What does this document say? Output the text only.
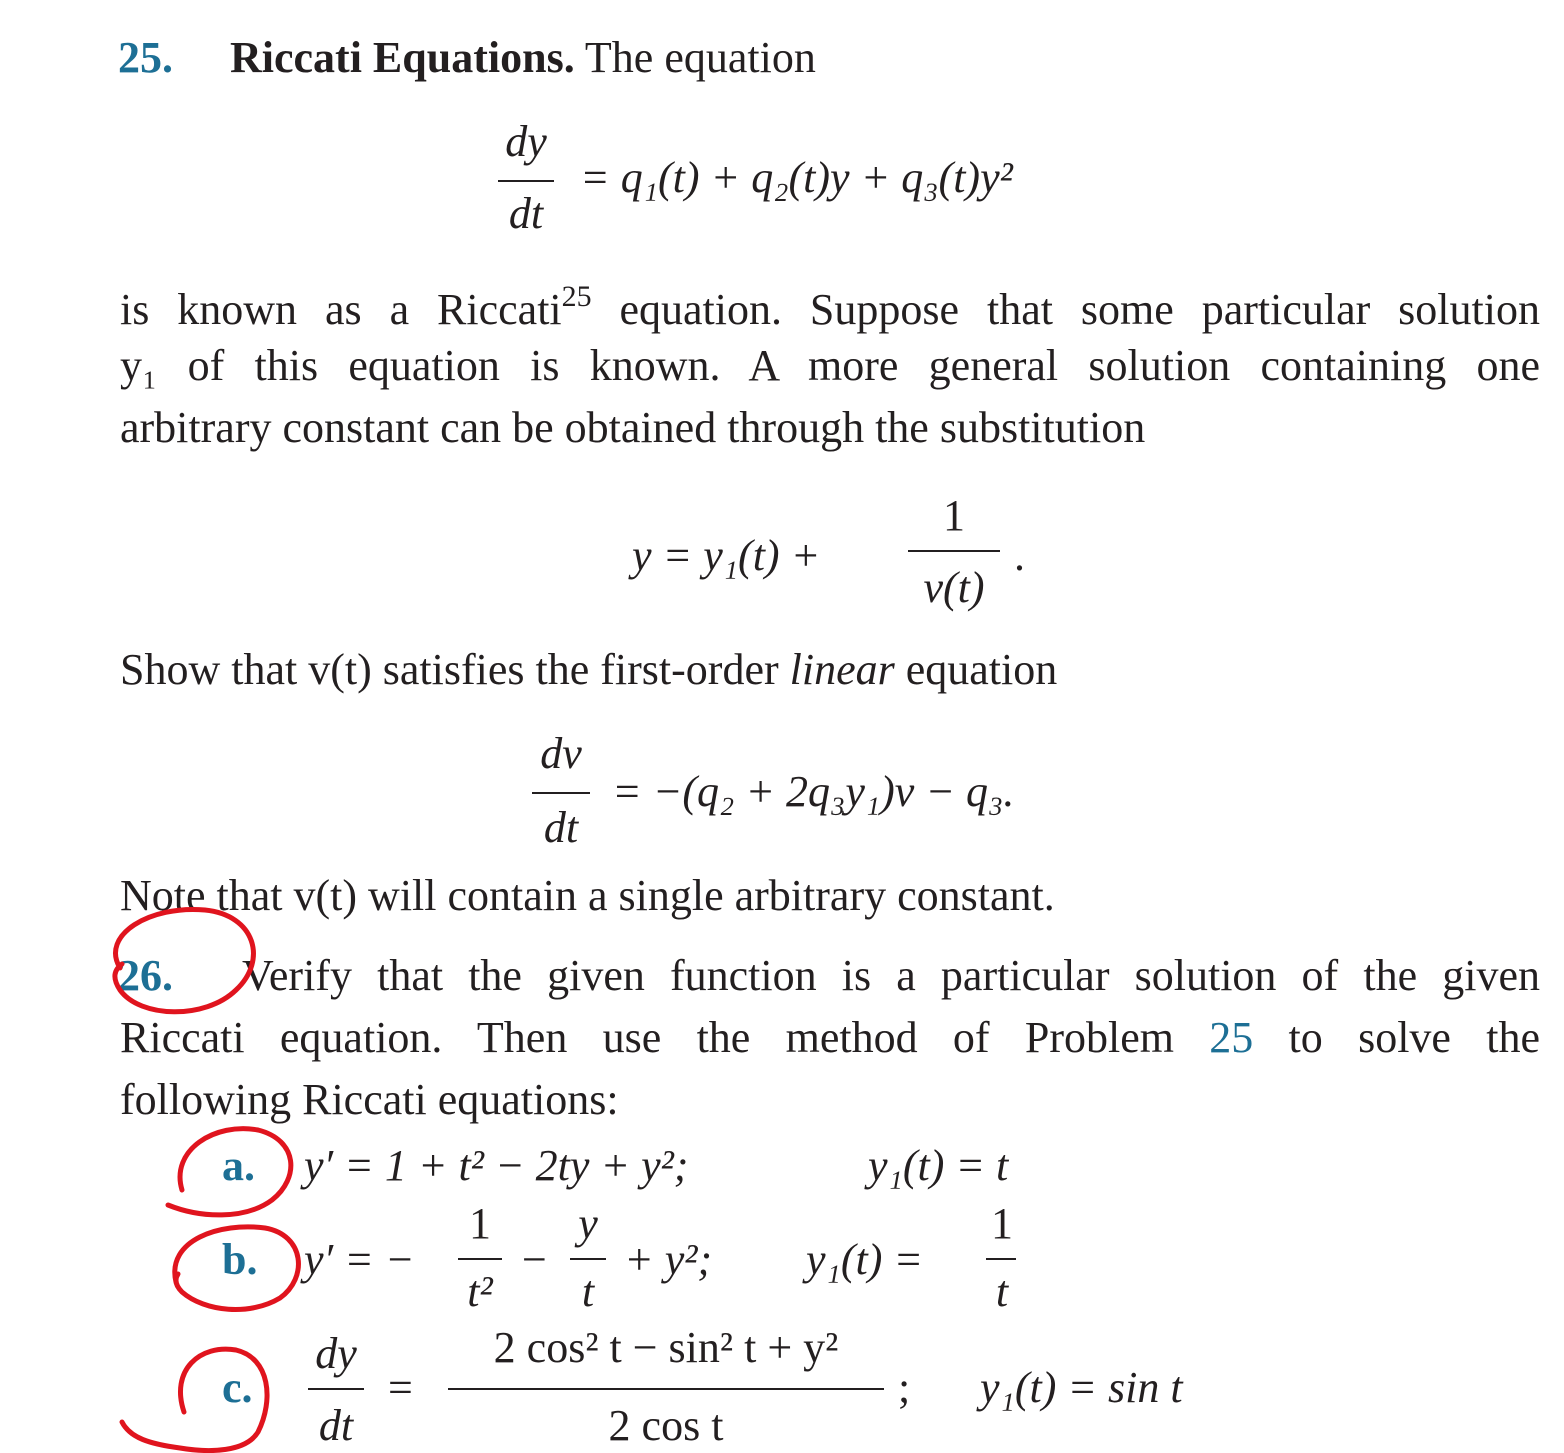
25. Riccati Equations. The equation
dy
dt
= q₁(t) + q₂(t)y + q₃(t)y²
is known as a Riccati$^{25}$ equation. Suppose that some particular solution
y₁ of this equation is known. A more general solution containing one
arbitrary constant can be obtained through the substitution
y = y₁(t) +
1
v(t)
.
Show that v(t) satisfies the first-order linear equation
dv
dt
= −(q₂ + 2q₃y₁)v − q₃.
Note that v(t) will contain a single arbitrary constant.
26. Verify that the given function is a particular solution of the given
Riccati equation. Then use the method of Problem 25 to solve the
following Riccati equations:
a. y′ = 1 + t² − 2ty + y²;	y₁(t) = t
b. y′ = −
1
t²
−
y
t
+ y²; y₁(t) =
1
t
c.
dy
dt
=
2 cos² t − sin² t + y²
2 cos t
; y₁(t) = sin t
